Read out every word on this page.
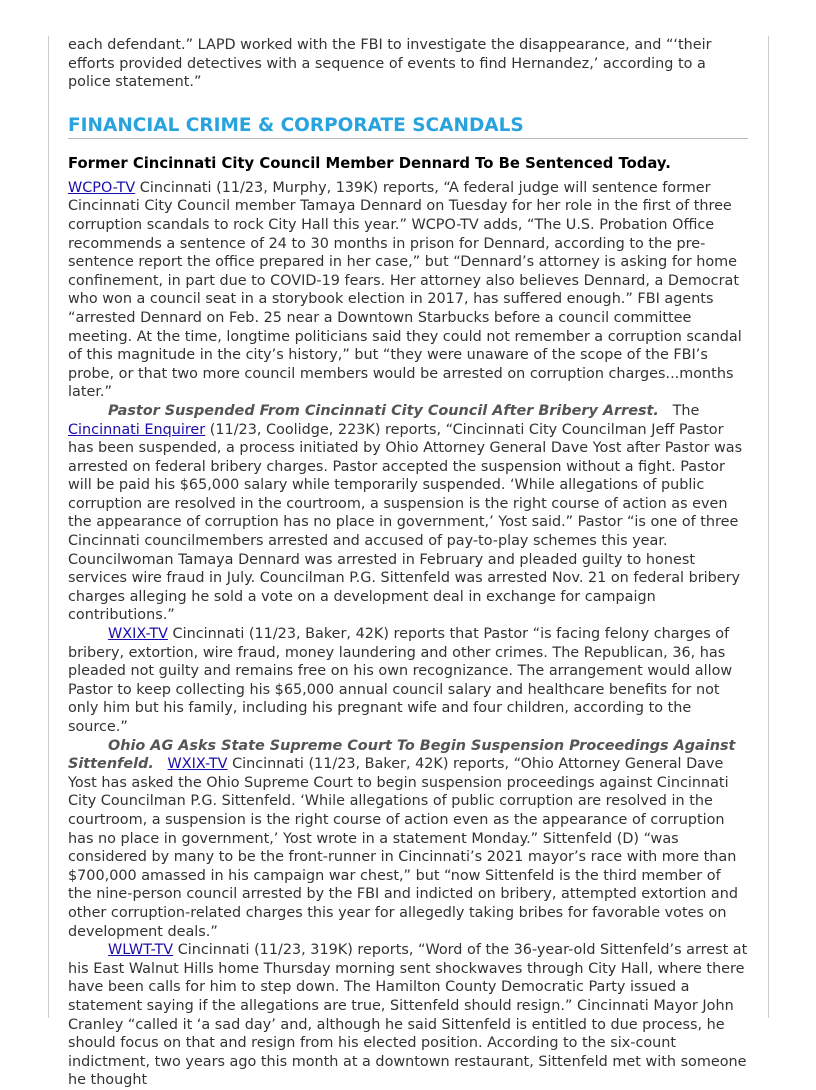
each defendant.” LAPD worked with the FBI to investigate the disappearance, and “‘their efforts provided detectives with a sequence of events to find Hernandez,’ according to a police statement.”

FINANCIAL CRIME & CORPORATE SCANDALS
Former Cincinnati City Council Member Dennard To Be Sentenced Today.

WCPO-TV Cincinnati (11/23, Murphy, 139K) reports, “A federal judge will sentence former Cincinnati City Council member Tamaya Dennard on Tuesday for her role in the first of three corruption scandals to rock City Hall this year.” WCPO-TV adds, “The U.S. Probation Office recommends a sentence of 24 to 30 months in prison for Dennard, according to the pre-sentence report the office prepared in her case,” but “Dennard’s attorney is asking for home confinement, in part due to COVID-19 fears. Her attorney also believes Dennard, a Democrat who won a council seat in a storybook election in 2017, has suffered enough.” FBI agents “arrested Dennard on Feb. 25 near a Downtown Starbucks before a council committee meeting. At the time, longtime politicians said they could not remember a corruption scandal of this magnitude in the city’s history,” but “they were unaware of the scope of the FBI’s probe, or that two more council members would be arrested on corruption charges...months later.”

Pastor Suspended From Cincinnati City Council After Bribery Arrest. The
Cincinnati Enquirer (11/23, Coolidge, 223K) reports, “Cincinnati City Councilman Jeff Pastor has been suspended, a process initiated by Ohio Attorney General Dave Yost after Pastor was arrested on federal bribery charges. Pastor accepted the suspension without a fight. Pastor will be paid his $65,000 salary while temporarily suspended. ‘While allegations of public corruption are resolved in the courtroom, a suspension is the right course of action as even the appearance of corruption has no place in government,’ Yost said.” Pastor “is one of three Cincinnati councilmembers arrested and accused of pay-to-play schemes this year. Councilwoman Tamaya Dennard was arrested in February and pleaded guilty to honest services wire fraud in July. Councilman P.G. Sittenfeld was arrested Nov. 21 on federal bribery charges alleging he sold a vote on a development deal in exchange for campaign contributions.”

WXIX-TV Cincinnati (11/23, Baker, 42K) reports that Pastor “is facing felony charges of bribery, extortion, wire fraud, money laundering and other crimes. The Republican, 36, has pleaded not guilty and remains free on his own recognizance. The arrangement would allow Pastor to keep collecting his $65,000 annual council salary and healthcare benefits for not only him but his family, including his pregnant wife and four children, according to the source.”

Ohio AG Asks State Supreme Court To Begin Suspension Proceedings Against Sittenfeld. WXIX-TV Cincinnati (11/23, Baker, 42K) reports, “Ohio Attorney General Dave Yost has asked the Ohio Supreme Court to begin suspension proceedings against Cincinnati City Councilman P.G. Sittenfeld. ‘While allegations of public corruption are resolved in the courtroom, a suspension is the right course of action even as the appearance of corruption has no place in government,’ Yost wrote in a statement Monday.” Sittenfeld (D) “was considered by many to be the front-runner in Cincinnati’s 2021 mayor’s race with more than $700,000 amassed in his campaign war chest,” but “now Sittenfeld is the third member of the nine-person council arrested by the FBI and indicted on bribery, attempted extortion and other corruption-related charges this year for allegedly taking bribes for favorable votes on development deals.”

WLWT-TV Cincinnati (11/23, 319K) reports, “Word of the 36-year-old Sittenfeld’s arrest at his East Walnut Hills home Thursday morning sent shockwaves through City Hall, where there have been calls for him to step down. The Hamilton County Democratic Party issued a statement saying if the allegations are true, Sittenfeld should resign.” Cincinnati Mayor John Cranley “called it ‘a sad day’ and, although he said Sittenfeld is entitled to due process, he should focus on that and resign from his elected position. According to the six-count indictment, two years ago this month at a downtown restaurant, Sittenfeld met with someone he thought
